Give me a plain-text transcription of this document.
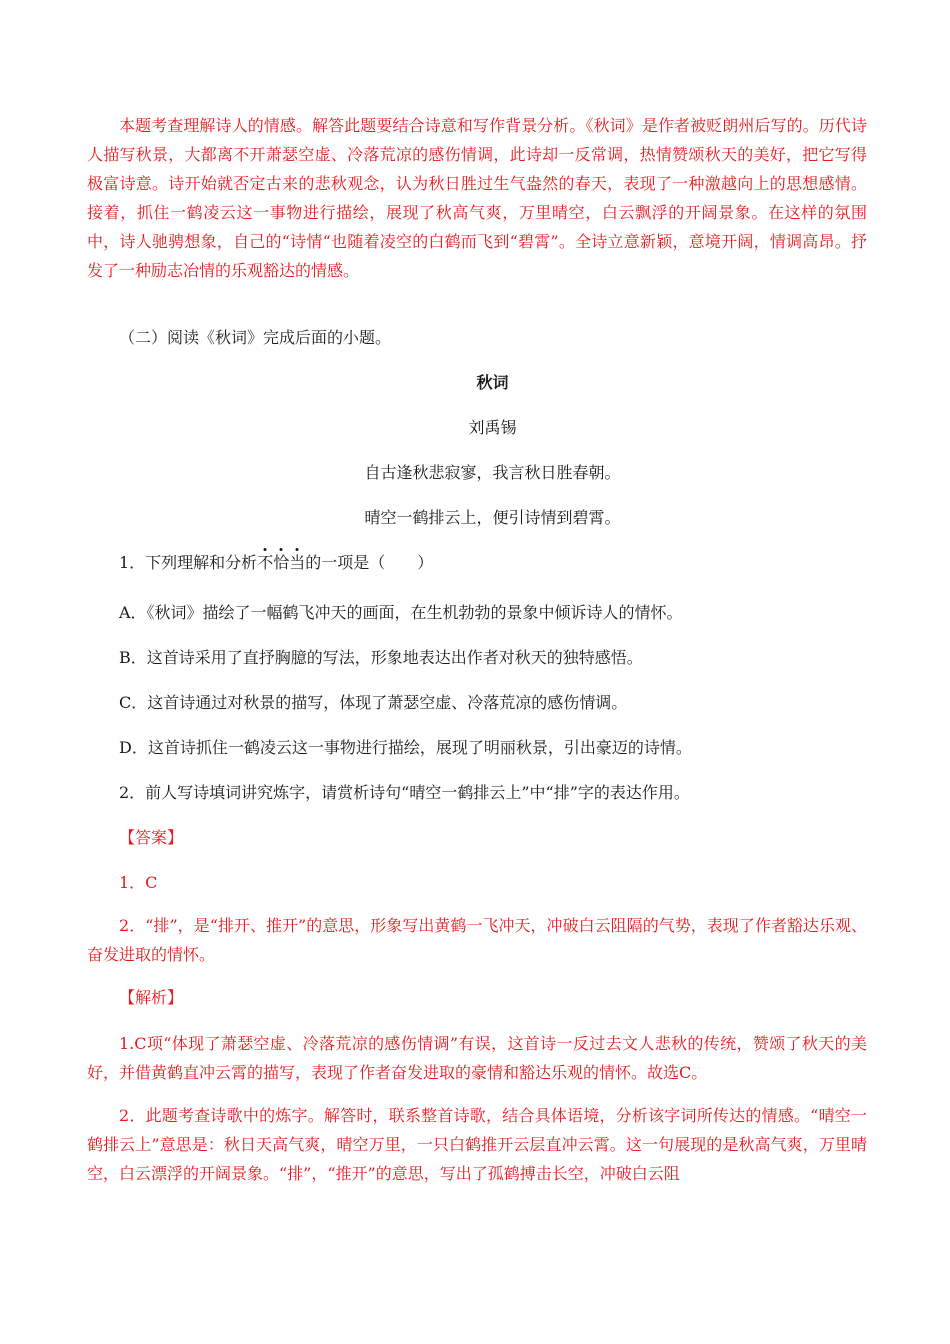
本题考查理解诗人的情感。解答此题要结合诗意和写作背景分析。《秋词》是作者被贬朗州后写的。历代诗人描写秋景，大都离不开萧瑟空虚、冷落荒凉的感伤情调，此诗却一反常调，热情赞颂秋天的美好，把它写得极富诗意。诗开始就否定古来的悲秋观念，认为秋日胜过生气盎然的春天，表现了一种激越向上的思想感情。接着，抓住一鹤凌云这一事物进行描绘，展现了秋高气爽，万里晴空，白云飘浮的开阔景象。在这样的氛围中，诗人驰骋想象，自己的“诗情“也随着凌空的白鹤而飞到“碧霄”。全诗立意新颖，意境开阔，情调高昂。抒发了一种励志冶情的乐观豁达的情感。

（二）阅读《秋词》完成后面的小题。

秋词

刘禹锡

自古逢秋悲寂寥，我言秋日胜春朝。

晴空一鹤排云上，便引诗情到碧霄。

1．下列理解和分析
不
恰
当的一项是（　　）

A．《秋词》描绘了一幅鹤飞冲天的画面，在生机勃勃的景象中倾诉诗人的情怀。

B．这首诗采用了直抒胸臆的写法，形象地表达出作者对秋天的独特感悟。

C．这首诗通过对秋景的描写，体现了萧瑟空虚、冷落荒凉的感伤情调。

D．这首诗抓住一鹤凌云这一事物进行描绘，展现了明丽秋景，引出豪迈的诗情。

2．前人写诗填词讲究炼字，请赏析诗句“晴空一鹤排云上”中“排”字的表达作用。

【答案】

1．C

2．“排”，是“排开、推开”的意思，形象写出黄鹤一飞冲天，冲破白云阻隔的气势，表现了作者豁达乐观、奋发进取的情怀。

【解析】

1.C项“体现了萧瑟空虚、冷落荒凉的感伤情调”有误，这首诗一反过去文人悲秋的传统，赞颂了秋天的美好，并借黄鹤直冲云霄的描写，表现了作者奋发进取的豪情和豁达乐观的情怀。故选C。

2．此题考查诗歌中的炼字。解答时，联系整首诗歌，结合具体语境，分析该字词所传达的情感。“晴空一鹤排云上”意思是：秋日天高气爽，晴空万里，一只白鹤推开云层直冲云霄。这一句展现的是秋高气爽，万里晴空，白云漂浮的开阔景象。“排”，“推开”的意思，写出了孤鹤搏击长空，冲破白云阻
